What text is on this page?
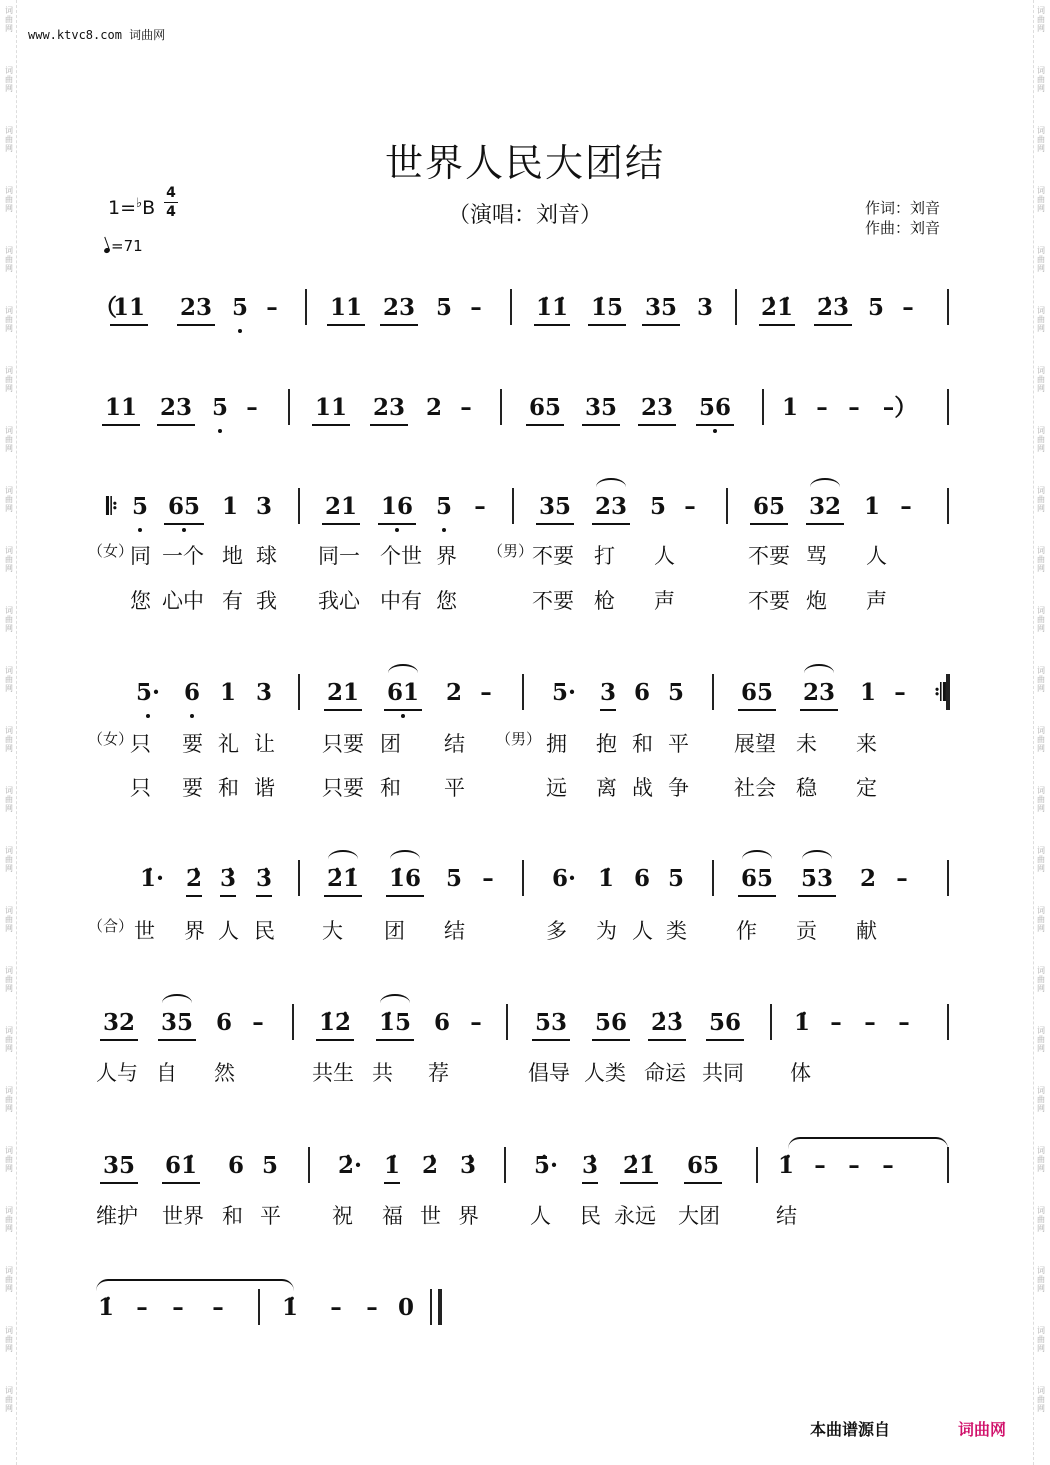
词曲网
词曲网
词曲网
词曲网
词曲网
词曲网
词曲网
词曲网
词曲网
词曲网
词曲网
词曲网
词曲网
词曲网
词曲网
词曲网
词曲网
词曲网
词曲网
词曲网
词曲网
词曲网
词曲网
词曲网
词曲网
词曲网
词曲网
词曲网
词曲网
词曲网
词曲网
词曲网
词曲网
词曲网
词曲网
词曲网
词曲网
词曲网
词曲网
词曲网
词曲网
词曲网
词曲网
词曲网
词曲网
词曲网
词曲网
词曲网
www.ktvc8.com 词曲网
世界人民大团结
（演唱：刘音）	作词：刘音
作曲：刘音
1=♭B
4
4
=71
（
11 23 5 – 11 23 5 – 1̇1̇ 1̇5 35 3 2̇1̇ 2̇3̇ 5 –
11 23 5 – 11 23 2 – 65 35 23 56 1 – – –）
𝄆 5 65 1 3 21 16 5 – 35 23 5 – 65 32 1 –
（女）
同 一个 地 球 同一 个世 界 （男）
不要 打 人	不要 骂 人
您 心中 有 我 我心 中有 您	不要 枪 声	不要 炮 声
5· 6 1 3 21 61 2 –	5· 3 6 5 65 23 1 – 𝄇
（女）
只 要 礼 让 只要 团 结 （男） 拥 抱 和 平 展望 未 来
只 要 和 谐 只要 和 平	远 离 战 争 社会 稳 定
1̇· 2̇ 3̇ 3̇ 2̇1̇ 1̇6 5 –	6· 1̇ 6 5 65 53 2 –
（合） 世 界 人 民 大 团 结	多 为 人 类 作 贡 献
32 35 6 – 1̇2̇ 1̇5 6 – 53 56 2̇3̇ 56 1̇ – – –
人与 自 然	共生 共 荐	倡导 人类 命运 共同 体
35 61̇ 6 5	2̇· 1̇ 2̇ 3̇	5̇· 3̇ 2̇1̇ 65	1̇ – – –
维护 世界 和 平 祝 福 世 界 人 民 永远 大团	结
1̇ – – –	1̇ – – 0
本曲谱源自	词曲网
